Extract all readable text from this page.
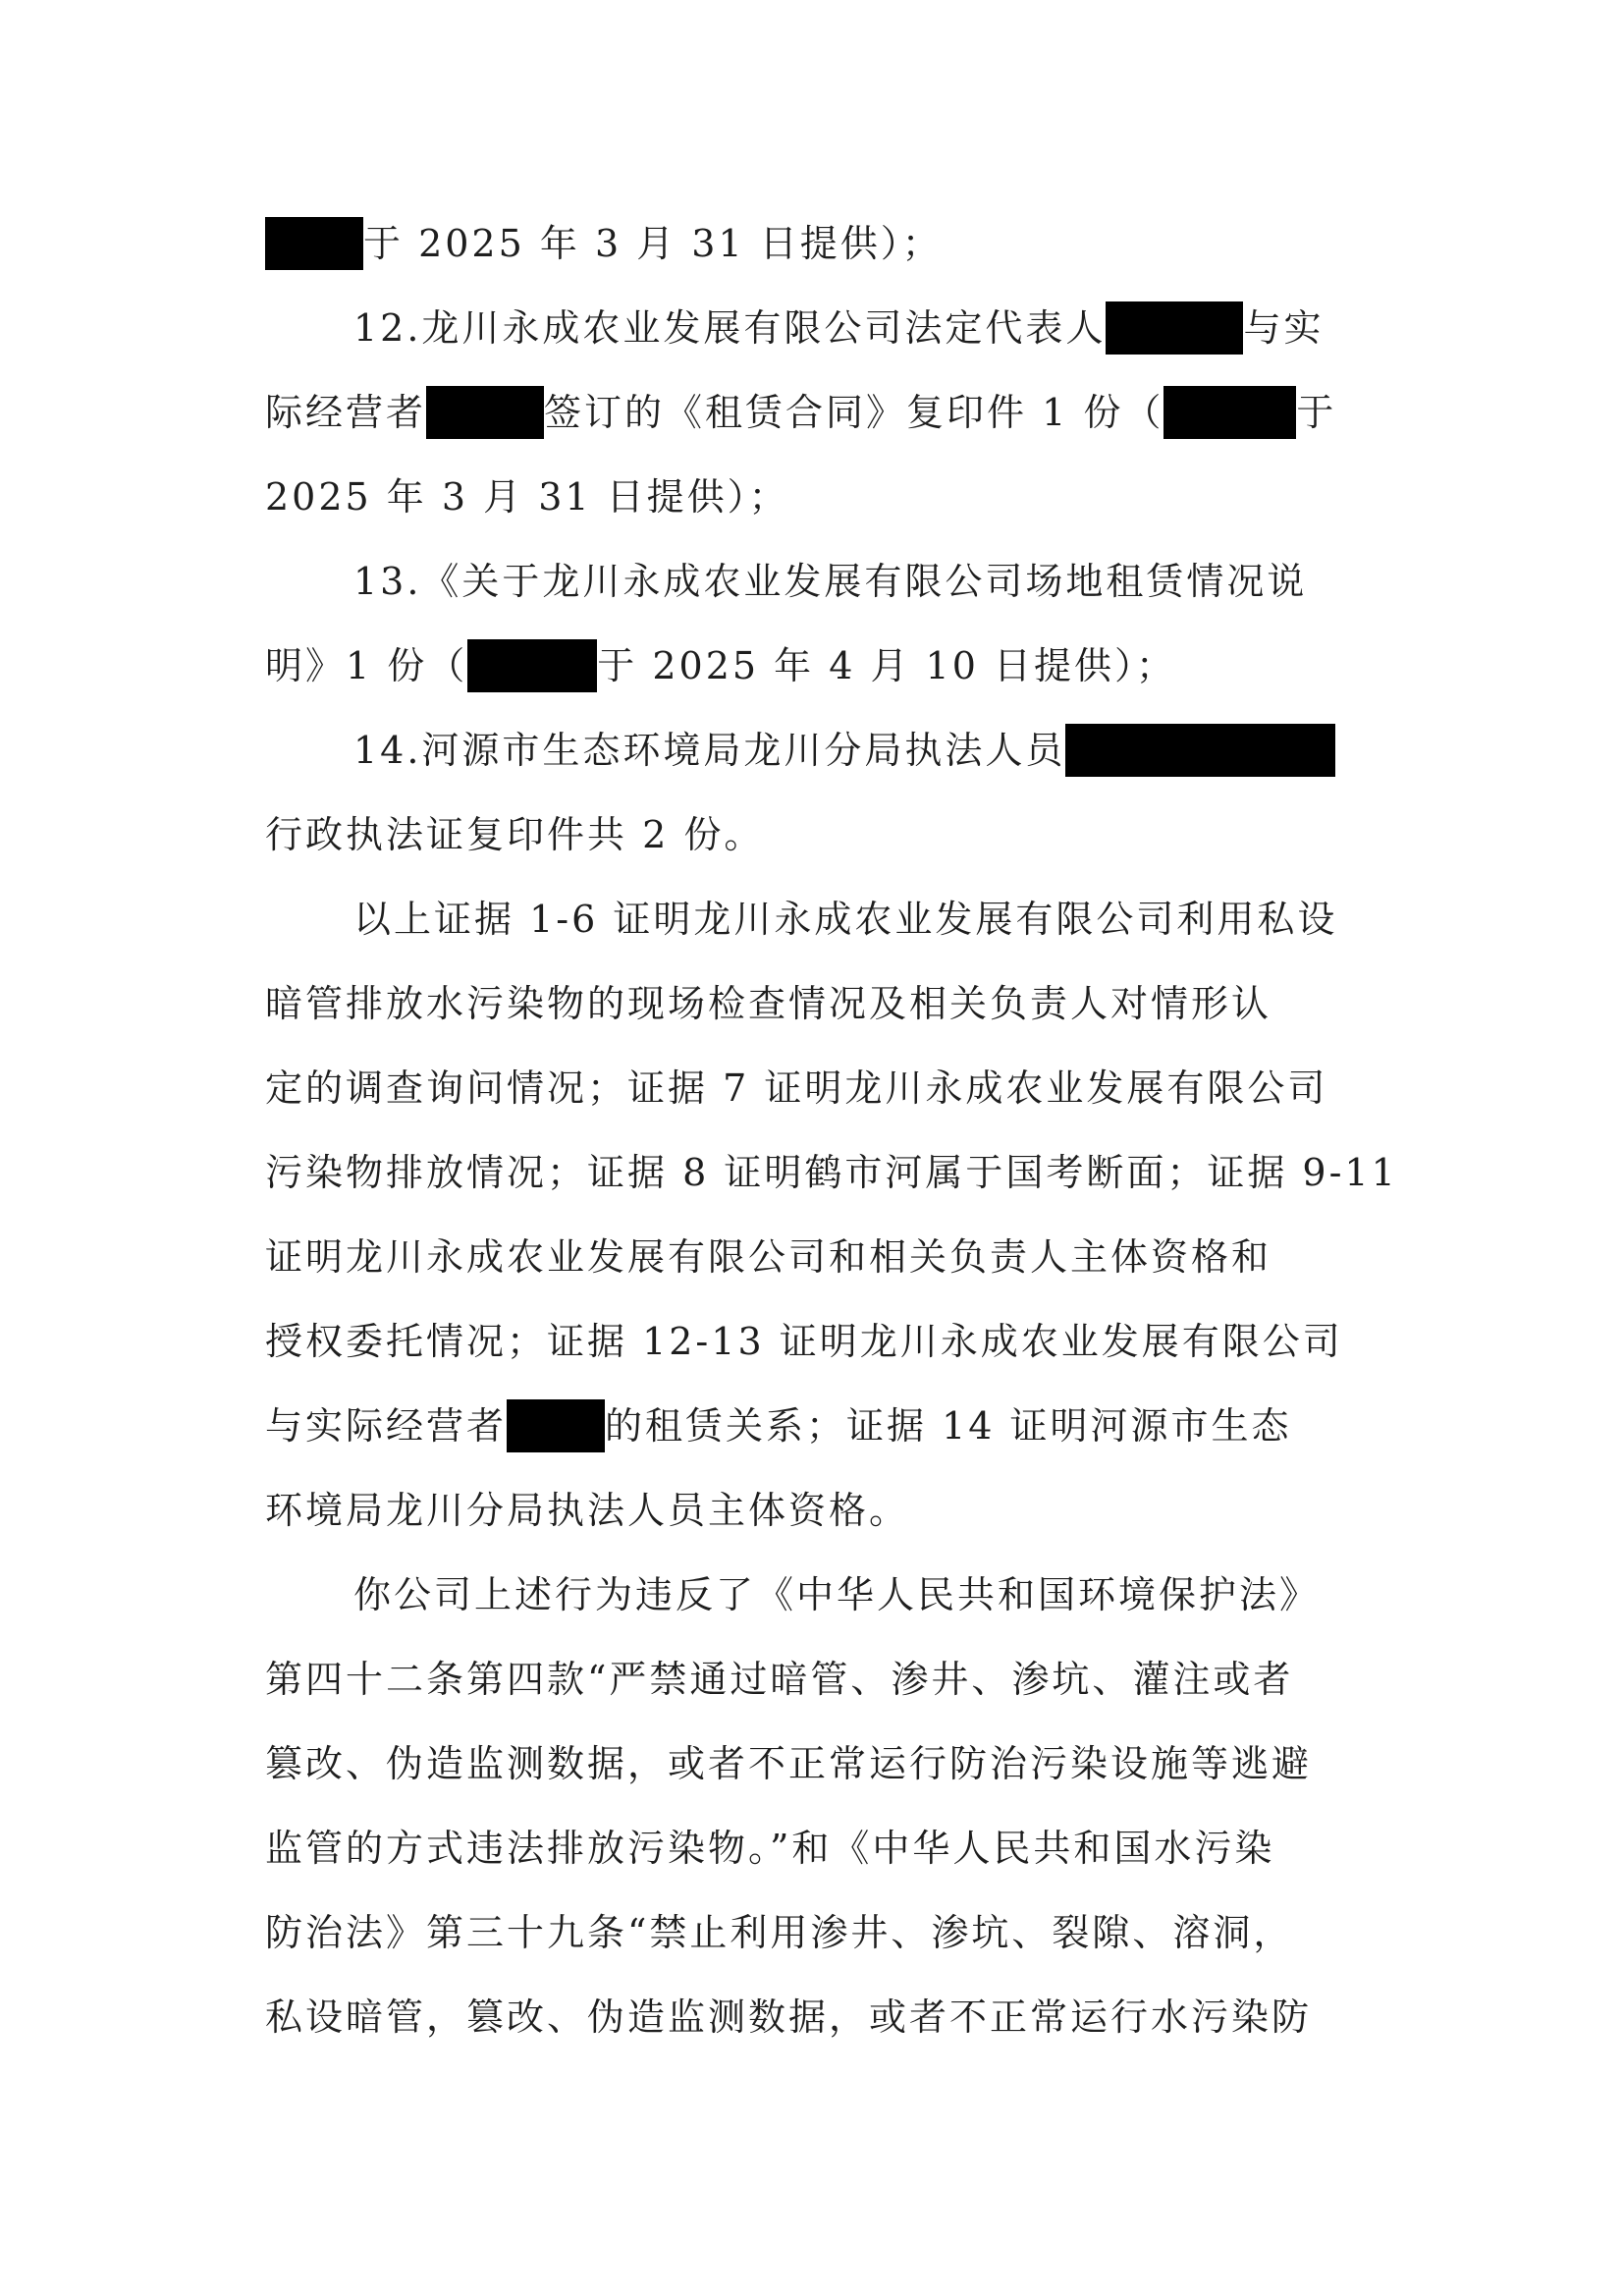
于 2025 年 3 月 31 日提供）；
12.龙川永成农业发展有限公司法定代表人	与实
际经营者	签订的《租赁合同》复印件 1 份（	于
2025 年 3 月 31 日提供）；
13.《关于龙川永成农业发展有限公司场地租赁情况说
明》1 份（	于 2025 年 4 月 10 日提供）；
14.河源市生态环境局龙川分局执法人员
行政执法证复印件共 2 份。
以上证据 1-6 证明龙川永成农业发展有限公司利用私设
暗管排放水污染物的现场检查情况及相关负责人对情形认
定的调查询问情况；证据 7 证明龙川永成农业发展有限公司
污染物排放情况；证据 8 证明鹤市河属于国考断面；证据 9-11
证明龙川永成农业发展有限公司和相关负责人主体资格和
授权委托情况；证据 12-13 证明龙川永成农业发展有限公司
与实际经营者	的租赁关系；证据 14 证明河源市生态
环境局龙川分局执法人员主体资格。
你公司上述行为违反了《中华人民共和国环境保护法》
第四十二条第四款“严禁通过暗管、渗井、渗坑、灌注或者
篡改、伪造监测数据，或者不正常运行防治污染设施等逃避
监管的方式违法排放污染物。”和《中华人民共和国水污染
防治法》第三十九条“禁止利用渗井、渗坑、裂隙、溶洞，
私设暗管，篡改、伪造监测数据，或者不正常运行水污染防
